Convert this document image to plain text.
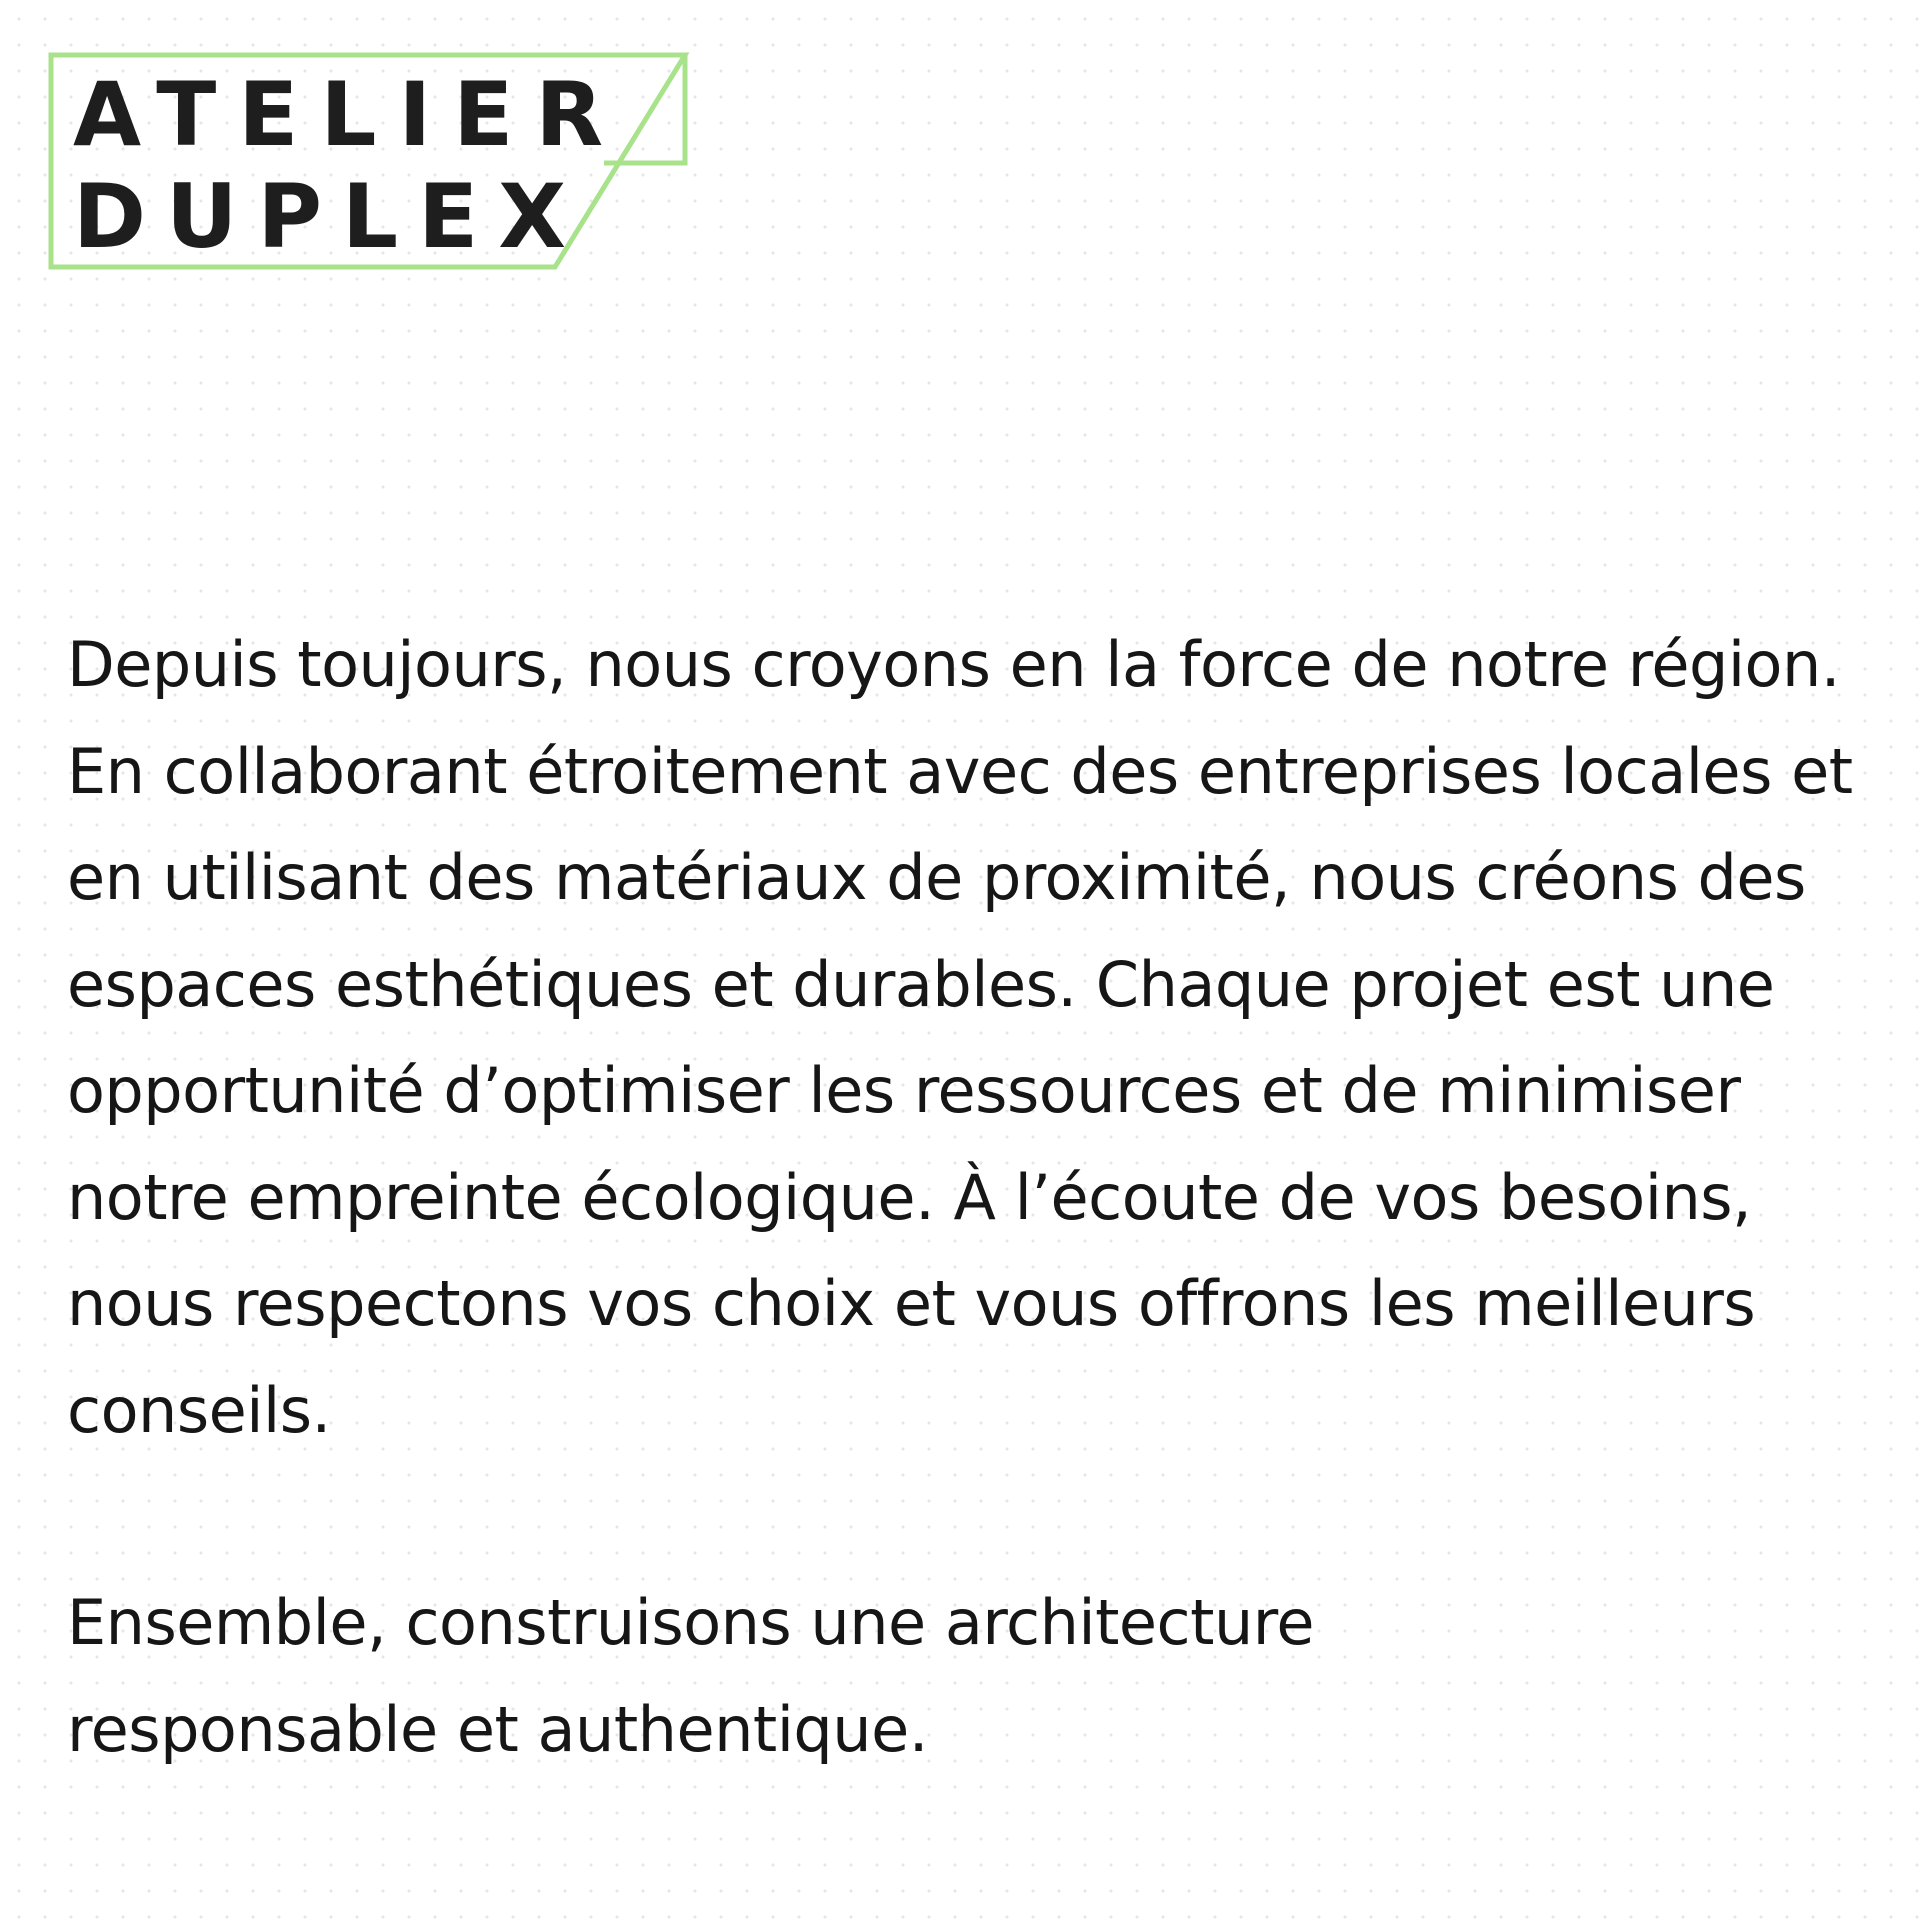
ATELIER
DUPLEX

Depuis toujours, nous croyons en la force de notre région. En collaborant étroitement avec des entreprises locales et en utilisant des matériaux de proximité, nous créons des espaces esthétiques et durables. Chaque projet est une opportunité d’optimiser les ressources et de minimiser notre empreinte écologique. À l’écoute de vos besoins, nous respectons vos choix et vous offrons les meilleurs conseils.

Ensemble, construisons une architecture responsable et authentique.
